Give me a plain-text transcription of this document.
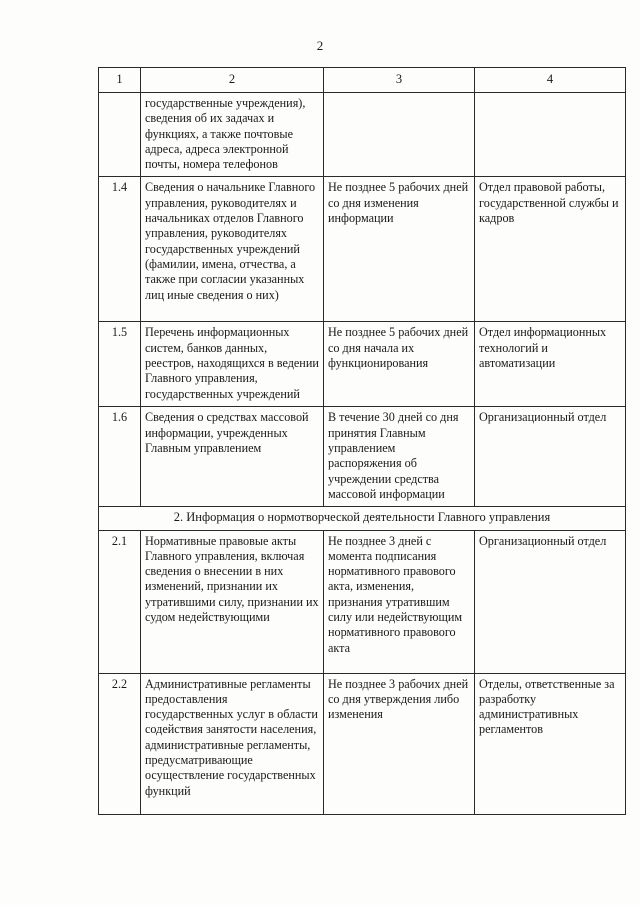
2
1	2	3	4
	государственные учреждения), сведения об их задачах и функциях, а также почтовые адреса, адреса электронной почты, номера телефонов		
1.4	Сведения о начальнике Главного управления, руководителях и начальниках отделов Главного управления, руководителях государственных учреждений (фамилии, имена, отчества, а также при согласии указанных лиц иные сведения о них)	Не позднее 5 рабочих дней со дня изменения информации	Отдел правовой работы, государственной службы и кадров
1.5	Перечень информационных систем, банков данных, реестров, находящихся в ведении Главного управления, государственных учреждений	Не позднее 5 рабочих дней со дня начала их функционирования	Отдел информационных технологий и автоматизации
1.6	Сведения о средствах массовой информации, учрежденных Главным управлением	В течение 30 дней со дня принятия Главным управлением распоряжения об учреждении средства массовой информации	Организационный отдел
2. Информация о нормотворческой деятельности Главного управления			
2.1	Нормативные правовые акты Главного управления, включая сведения о внесении в них изменений, признании их утратившими силу, признании их судом недействующими	Не позднее 3 дней с момента подписания нормативного правового акта, изменения, признания утратившим силу или недействующим нормативного правового акта	Организационный отдел
2.2	Административные регламенты предоставления государственных услуг в области содействия занятости населения, административные регламенты, предусматривающие осуществление государственных функций	Не позднее 3 рабочих дней со дня утверждения либо изменения	Отделы, ответственные за разработку административных регламентов
